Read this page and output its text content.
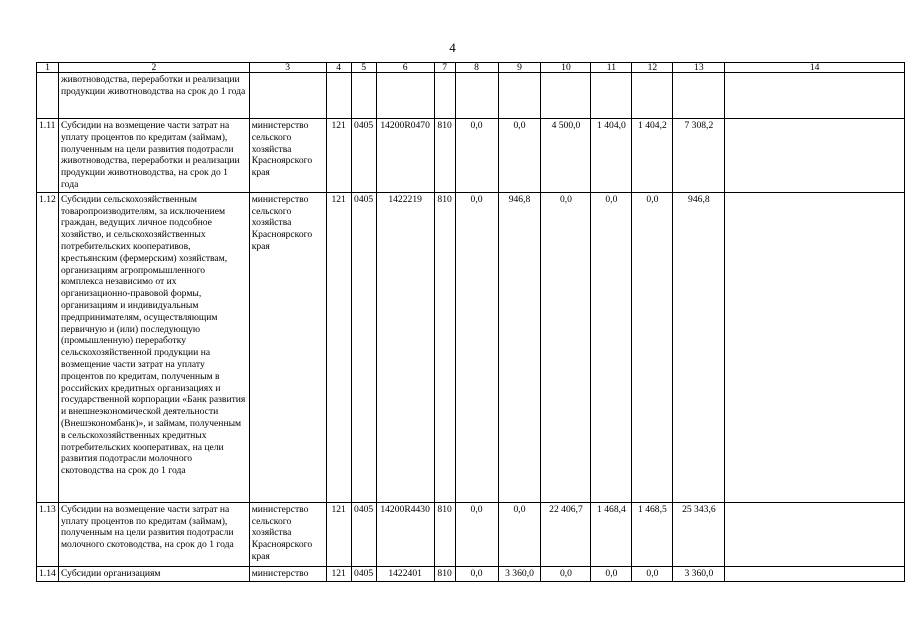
4
1	2	3	4	5	6	7	8	9	10	11	12	13	14
	животноводства, переработки и реализации продукции животноводства на срок до 1 года												
1.11	Субсидии на возмещение части затрат на уплату процентов по кредитам (займам), полученным на цели развития подотрасли животноводства, переработки и реализации продукции животноводства, на срок до 1 года	министерство сельского хозяйства Красноярского края	121	0405	14200R0470	810	0,0	0,0	4 500,0	1 404,0	1 404,2	7 308,2	
1.12	Субсидии сельскохозяйственным товаропроизводителям, за исключением граждан, ведущих личное подсобное хозяйство, и сельскохозяйственных потребительских кооперативов, крестьянским (фермерским) хозяйствам, организациям агропромышленного комплекса независимо от их организационно-правовой формы, организациям и индивидуальным предпринимателям, осуществляющим первичную и (или) последующую (промышленную) переработку сельскохозяйственной продукции на возмещение части затрат на уплату процентов по кредитам, полученным в российских кредитных организациях и государственной корпорации «Банк развития и внешнеэкономической деятельности (Внешэкономбанк)», и займам, полученным в сельскохозяйственных кредитных потребительских кооперативах, на цели развития подотрасли молочного скотоводства на срок до 1 года	министерство сельского хозяйства Красноярского края	121	0405	1422219	810	0,0	946,8	0,0	0,0	0,0	946,8	
1.13	Субсидии на возмещение части затрат на уплату процентов по кредитам (займам), полученным на цели развития подотрасли молочного скотоводства, на срок до 1 года	министерство сельского хозяйства Красноярского края	121	0405	14200R4430	810	0,0	0,0	22 406,7	1 468,4	1 468,5	25 343,6	
1.14	Субсидии организациям	министерство	121	0405	1422401	810	0,0	3 360,0	0,0	0,0	0,0	3 360,0	
